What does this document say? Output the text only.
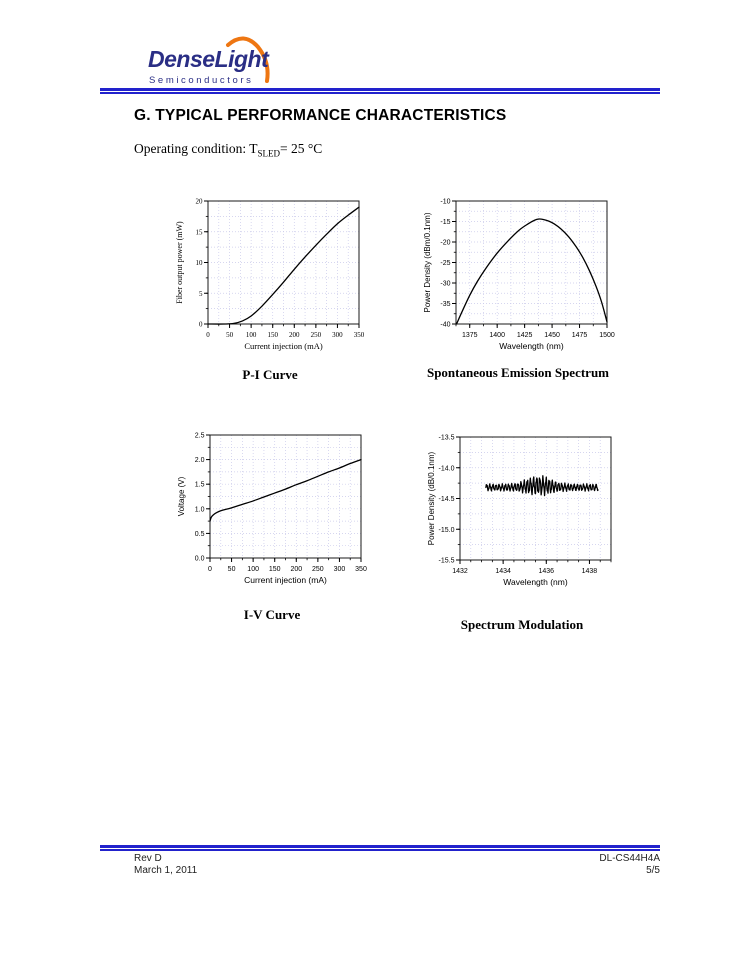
DenseLight
Semiconductors
G. TYPICAL PERFORMANCE CHARACTERISTICS
Operating condition: $T_{SLED}= 25$ °C
0 50 100 150 200 250 300 350
0
5
10
15
20
Current injection (mA)
Fiber output power (mW)
P-I Curve
1375 1400 1425 1450 1475 1500
-40
-35
-30
-25
-20
-15
-10
Wavelength (nm)
Power Density (dBm/0.1nm)
Spontaneous Emission Spectrum
0 50 100 150 200 250 300 350
0.0
0.5
1.0
1.5
2.0
2.5
Current injection (mA)
Voltage (V)
I-V Curve
1432	1434	1436	1438
-15.5
-15.0
-14.5
-14.0
-13.5
Wavelength (nm)
Power Density (dB/0.1nm)
Spectrum Modulation
Rev D
March 1, 2011
DL-CS44H4A
5/5
